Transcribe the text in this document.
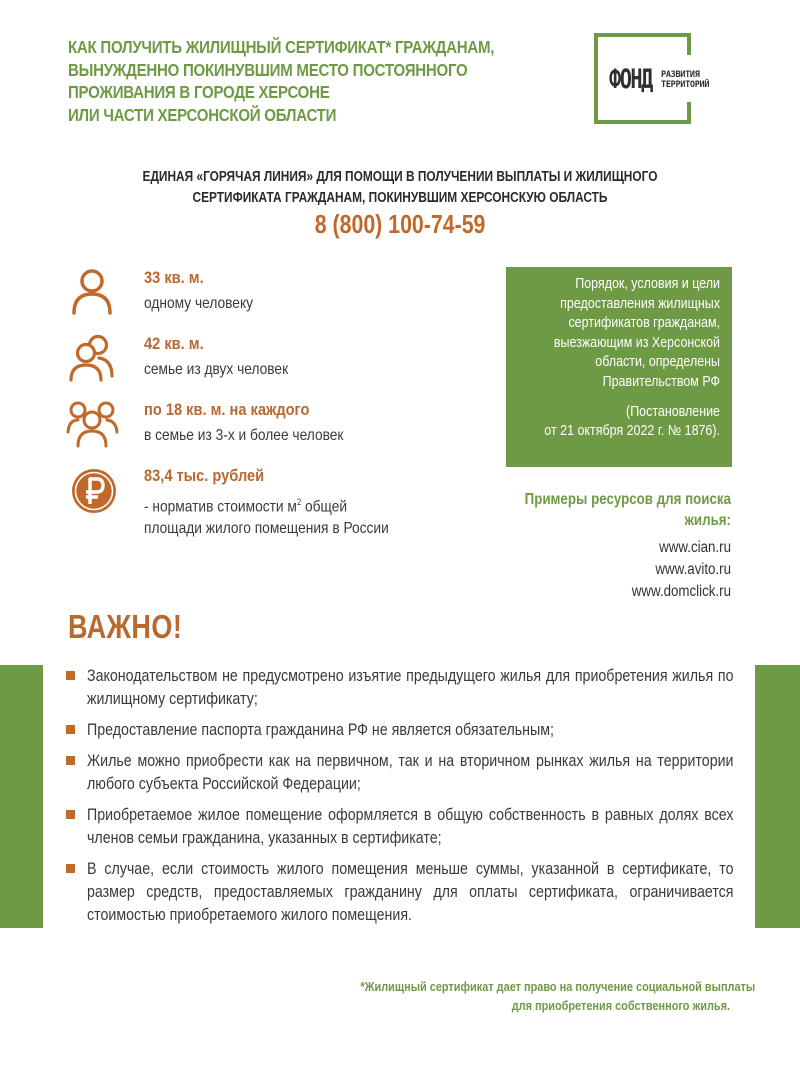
КАК ПОЛУЧИТЬ ЖИЛИЩНЫЙ СЕРТИФИКАТ* ГРАЖДАНАМ,
ВЫНУЖДЕННО ПОКИНУВШИМ МЕСТО ПОСТОЯННОГО
ПРОЖИВАНИЯ В ГОРОДЕ ХЕРСОНЕ
ИЛИ ЧАСТИ ХЕРСОНСКОЙ ОБЛАСТИ
ФОНД РАЗВИТИЯ
ТЕРРИТОРИЙ
ЕДИНАЯ «ГОРЯЧАЯ ЛИНИЯ» ДЛЯ ПОМОЩИ В ПОЛУЧЕНИИ ВЫПЛАТЫ И ЖИЛИЩНОГО
СЕРТИФИКАТА ГРАЖДАНАМ, ПОКИНУВШИМ ХЕРСОНСКУЮ ОБЛАСТЬ
8 (800) 100-74-59
33 кв. м.
одному человеку
42 кв. м.
семье из двух человек
по 18 кв. м. на каждого
в семье из 3-х и более человек
83,4 тыс. рублей
- норматив стоимости $м^2$ общей
площади жилого помещения в России
Порядок, условия и цели
предоставления жилищных
сертификатов гражданам,
выезжающим из Херсонской
области, определены
Правительством РФ
(Постановление
от 21 октября 2022 г. № 1876).
Примеры ресурсов для поиска
жилья:
www.cian.ru
www.avito.ru
www.domclick.ru
ВАЖНО!
Законодательством не предусмотрено изъятие предыдущего жилья для приобретения жилья по жилищному сертификату;
Предоставление паспорта гражданина РФ не является обязательным;
Жилье можно приобрести как на первичном, так и на вторичном рынках жилья на территории любого субъекта Российской Федерации;
Приобретаемое жилое помещение оформляется в общую собственность в равных долях всех членов семьи гражданина, указанных в сертификате;
В случае, если стоимость жилого помещения меньше суммы, указанной в сертификате, то размер средств, предоставляемых гражданину для оплаты сертификата, ограничивается стоимостью приобретаемого жилого помещения.
*Жилищный сертификат дает право на получение социальной выплаты
для приобретения собственного жилья.
